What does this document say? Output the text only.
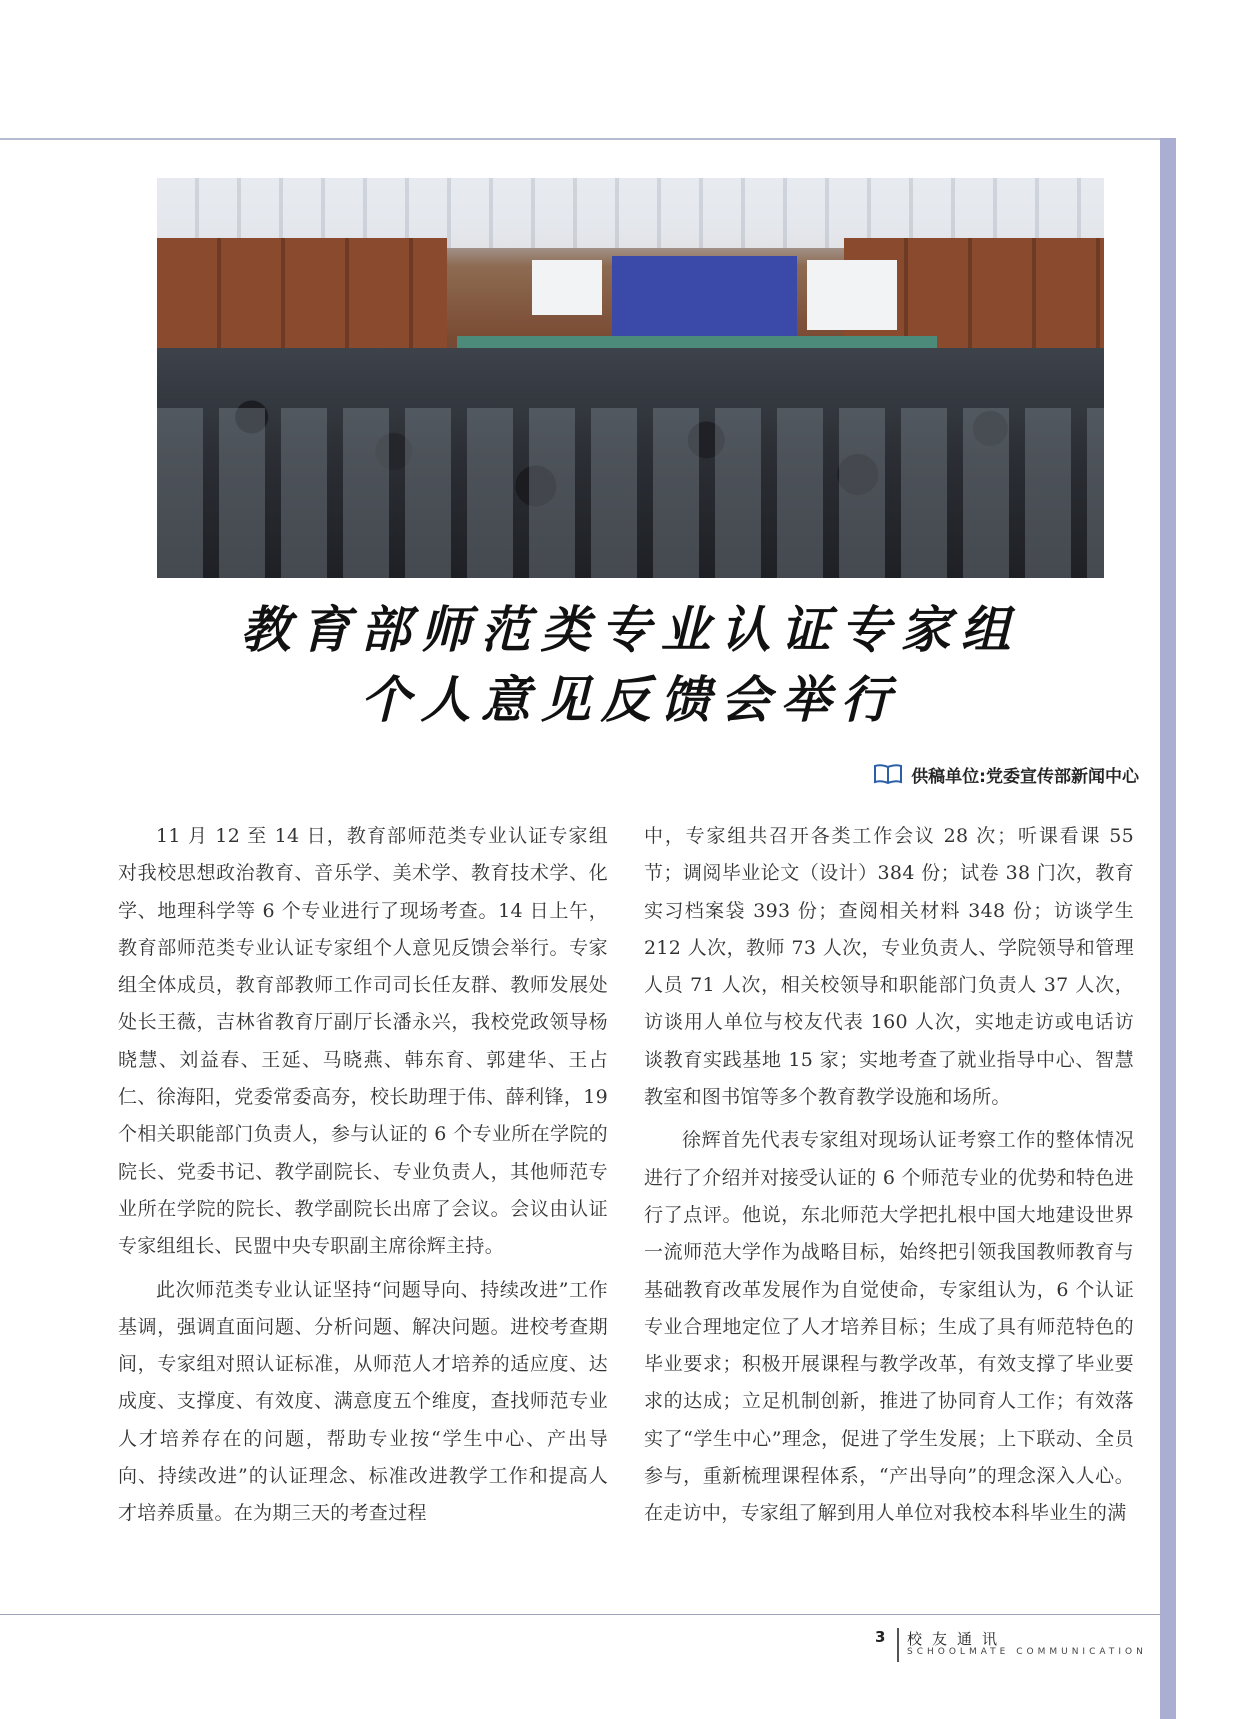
教育部师范类专业认证专家组
个人意见反馈会举行
供稿单位:党委宣传部新闻中心

11 月 12 至 14 日，教育部师范类专业认证专家组对我校思想政治教育、音乐学、美术学、教育技术学、化学、地理科学等 6 个专业进行了现场考查。14 日上午，教育部师范类专业认证专家组个人意见反馈会举行。专家组全体成员，教育部教师工作司司长任友群、教师发展处处长王薇，吉林省教育厅副厅长潘永兴，我校党政领导杨晓慧、刘益春、王延、马晓燕、韩东育、郭建华、王占仁、徐海阳，党委常委高夯，校长助理于伟、薛利锋，19 个相关职能部门负责人，参与认证的 6 个专业所在学院的院长、党委书记、教学副院长、专业负责人，其他师范专业所在学院的院长、教学副院长出席了会议。会议由认证专家组组长、民盟中央专职副主席徐辉主持。

此次师范类专业认证坚持“问题导向、持续改进”工作基调，强调直面问题、分析问题、解决问题。进校考查期间，专家组对照认证标准，从师范人才培养的适应度、达成度、支撑度、有效度、满意度五个维度，查找师范专业人才培养存在的问题，帮助专业按“学生中心、产出导向、持续改进”的认证理念、标准改进教学工作和提高人才培养质量。在为期三天的考查过程

中，专家组共召开各类工作会议 28 次；听课看课 55 节；调阅毕业论文（设计）384 份；试卷 38 门次，教育实习档案袋 393 份；查阅相关材料 348 份；访谈学生 212 人次，教师 73 人次，专业负责人、学院领导和管理人员 71 人次，相关校领导和职能部门负责人 37 人次，访谈用人单位与校友代表 160 人次，实地走访或电话访谈教育实践基地 15 家；实地考查了就业指导中心、智慧教室和图书馆等多个教育教学设施和场所。

徐辉首先代表专家组对现场认证考察工作的整体情况进行了介绍并对接受认证的 6 个师范专业的优势和特色进行了点评。他说，东北师范大学把扎根中国大地建设世界一流师范大学作为战略目标，始终把引领我国教师教育与基础教育改革发展作为自觉使命，专家组认为，6 个认证专业合理地定位了人才培养目标；生成了具有师范特色的毕业要求；积极开展课程与教学改革，有效支撑了毕业要求的达成；立足机制创新，推进了协同育人工作；有效落实了“学生中心”理念，促进了学生发展；上下联动、全员参与，重新梳理课程体系，“产出导向”的理念深入人心。在走访中，专家组了解到用人单位对我校本科毕业生的满

3 校友通讯
SCHOOLMATE COMMUNICATION
